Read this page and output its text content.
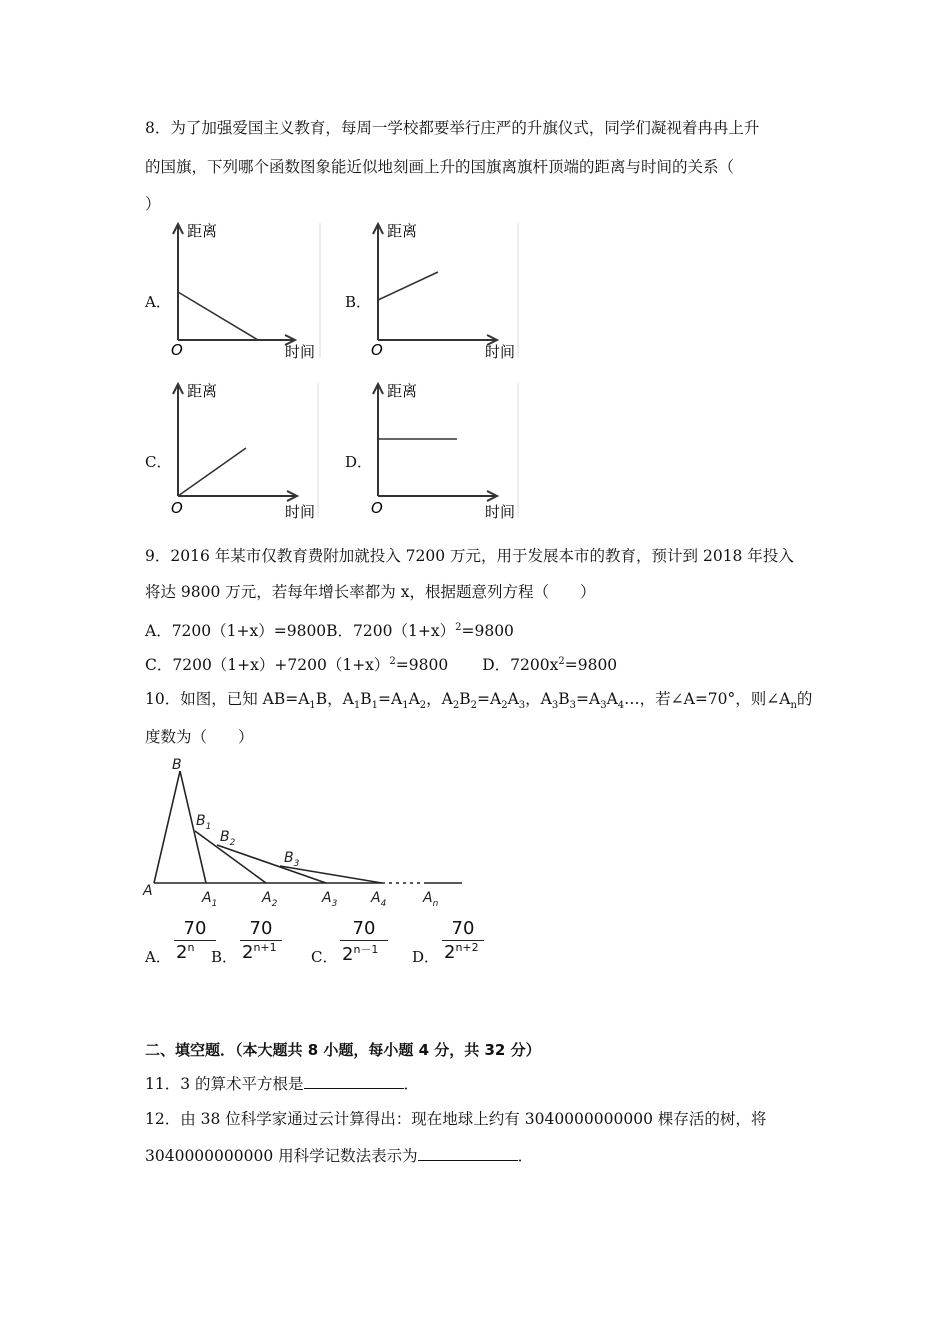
8．为了加强爱国主义教育，每周一学校都要举行庄严的升旗仪式，同学们凝视着冉冉上升
的国旗，下列哪个函数图象能近似地刻画上升的国旗离旗杆顶端的距离与时间的关系（
）
A．	B．
C．	D．
距离
时间
O
距离
时间
O
距离
时间
O
距离
时间
O
9．2016 年某市仅教育费附加就投入 7200 万元，用于发展本市的教育，预计到 2018 年投入
将达 9800 万元，若每年增长率都为 x，根据题意列方程（　　）
A．7200（1+x）=9800B．$7200(1+x)^2=9800$
C．$7200(1+x)+7200(1+x)^2=9800$ D．$7200x^2=9800$
10．如图，已知 $AB=A_1B$，$A_1B_1=A_1A_2$，$A_2B_2=A_2A_3$，$A_3B_3=A_3A_4\dots$，若∠A=70°，则$\angle A_n$的
度数为（　　）
B
$B_1$
$B_2$
$B_3$
A	$A_1$	$A_2$	$A_3$ $A_4$	$A_n$
A．
70
2$^n$
B．
70
$2^{n+1}$
C．
70
$2^{n-1}$ D．
70
$2^{n+2}$
二、填空题．（本大题共 8 小题，每小题 4 分，共 32 分）
11．3 的算术平方根是	．
12．由 38 位科学家通过云计算得出：现在地球上约有 3040000000000 棵存活的树，将
3040000000000 用科学记数法表示为	．
